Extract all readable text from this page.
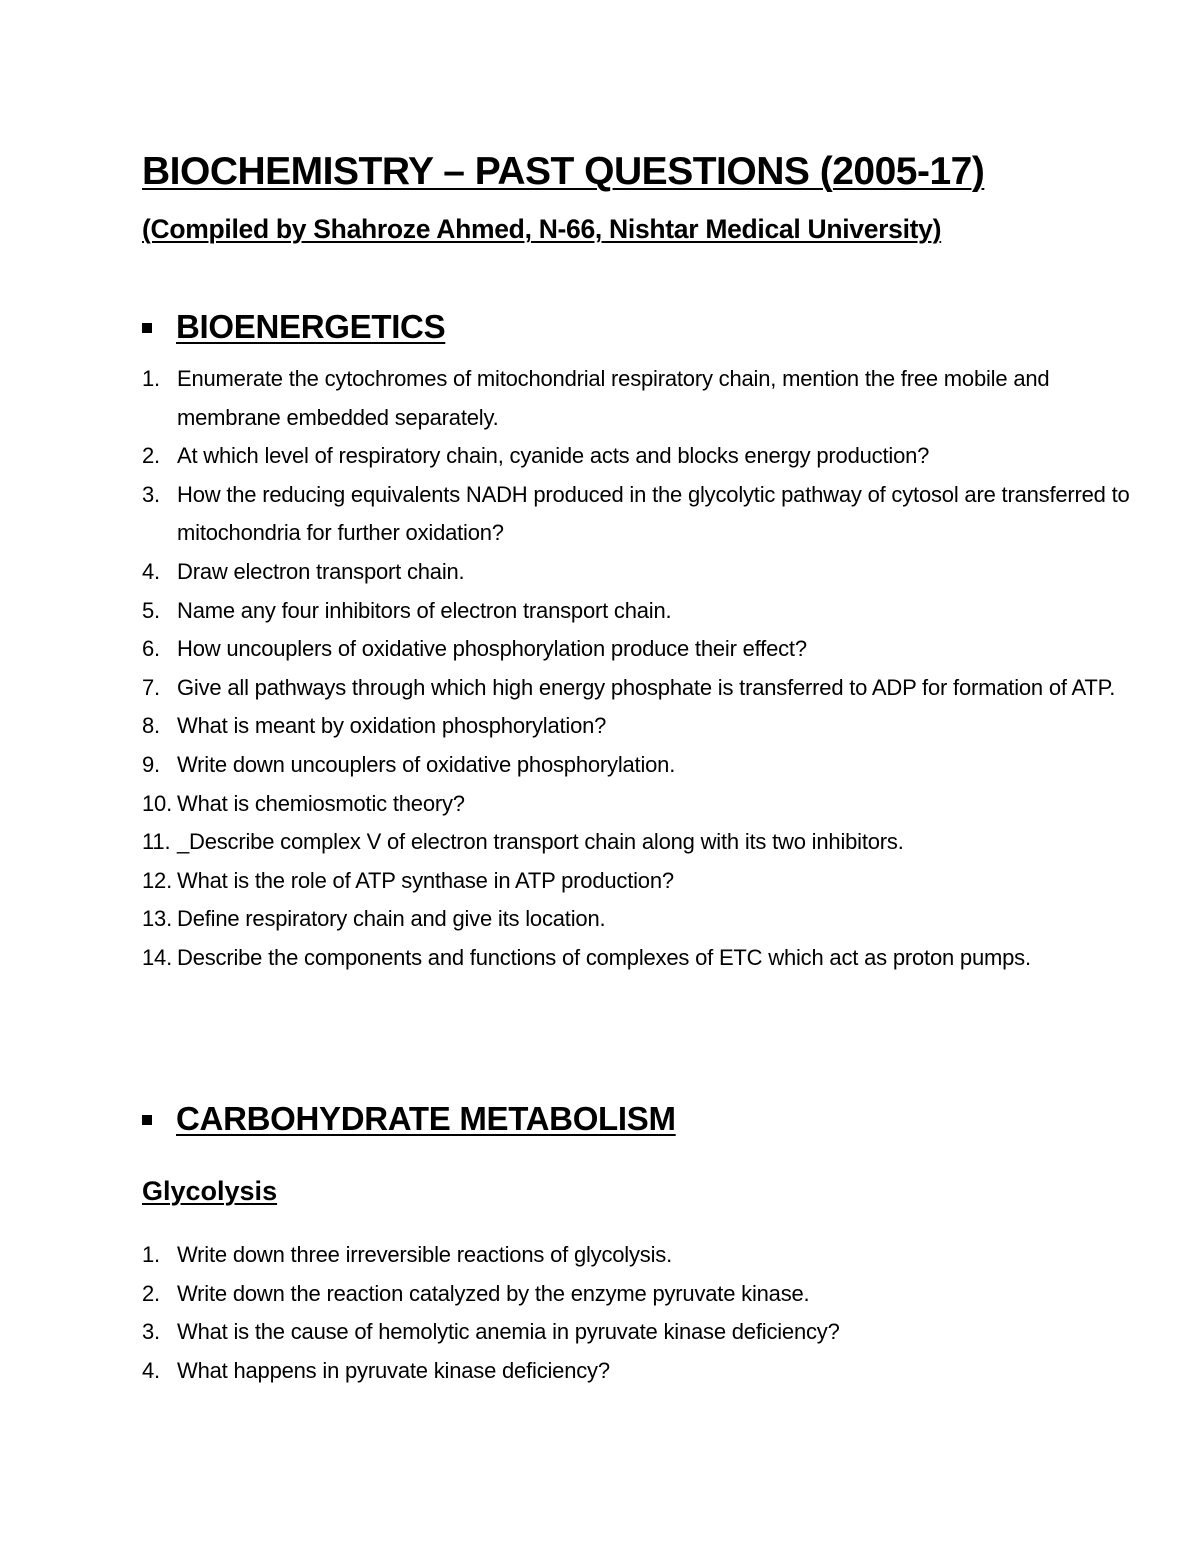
BIOCHEMISTRY – PAST QUESTIONS (2005-17)
(Compiled by Shahroze Ahmed, N-66, Nishtar Medical University)
BIOENERGETICS
1. Enumerate the cytochromes of mitochondrial respiratory chain, mention the free mobile and membrane embedded separately.
2. At which level of respiratory chain, cyanide acts and blocks energy production?
3. How the reducing equivalents NADH produced in the glycolytic pathway of cytosol are transferred to mitochondria for further oxidation?
4. Draw electron transport chain.
5. Name any four inhibitors of electron transport chain.
6. How uncouplers of oxidative phosphorylation produce their effect?
7. Give all pathways through which high energy phosphate is transferred to ADP for formation of ATP.
8. What is meant by oxidation phosphorylation?
9. Write down uncouplers of oxidative phosphorylation.
10. What is chemiosmotic theory?
11. _Describe complex V of electron transport chain along with its two inhibitors.
12. What is the role of ATP synthase in ATP production?
13. Define respiratory chain and give its location.
14. Describe the components and functions of complexes of ETC which act as proton pumps.
CARBOHYDRATE METABOLISM
Glycolysis
1. Write down three irreversible reactions of glycolysis.
2. Write down the reaction catalyzed by the enzyme pyruvate kinase.
3. What is the cause of hemolytic anemia in pyruvate kinase deficiency?
4. What happens in pyruvate kinase deficiency?
